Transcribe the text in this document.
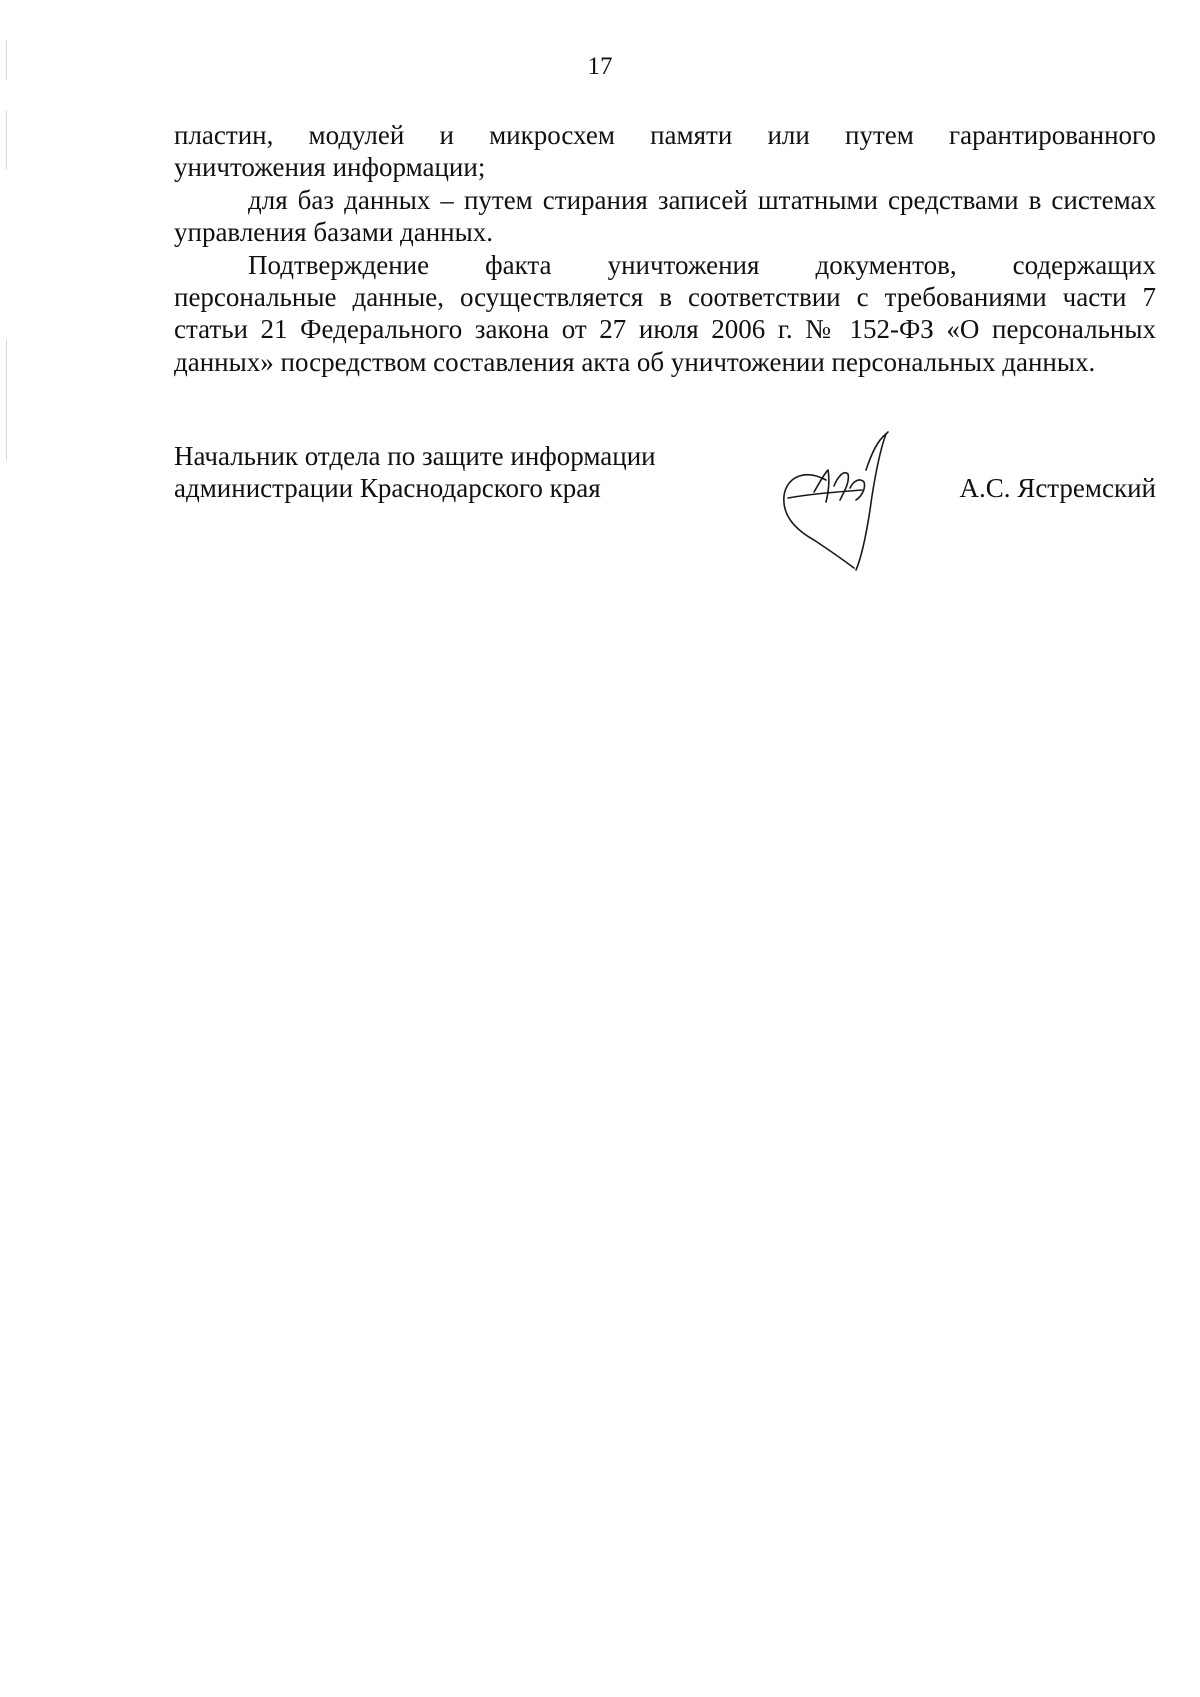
17
пластин, модулей и микросхем памяти или путем гарантированного

уничтожения информации;

для баз данных – путем стирания записей штатными средствами в системах управления базами данных.

Подтверждение факта уничтожения документов, содержащих

персональные данные, осуществляется в соответствии с требованиями части 7 статьи 21 Федерального закона от 27 июля 2006 г. № 152-ФЗ «О персональных данных» посредством составления акта об уничтожении персональных данных.

Начальник отдела по защите информации
администрации Краснодарского края	А.С. Ястремский
